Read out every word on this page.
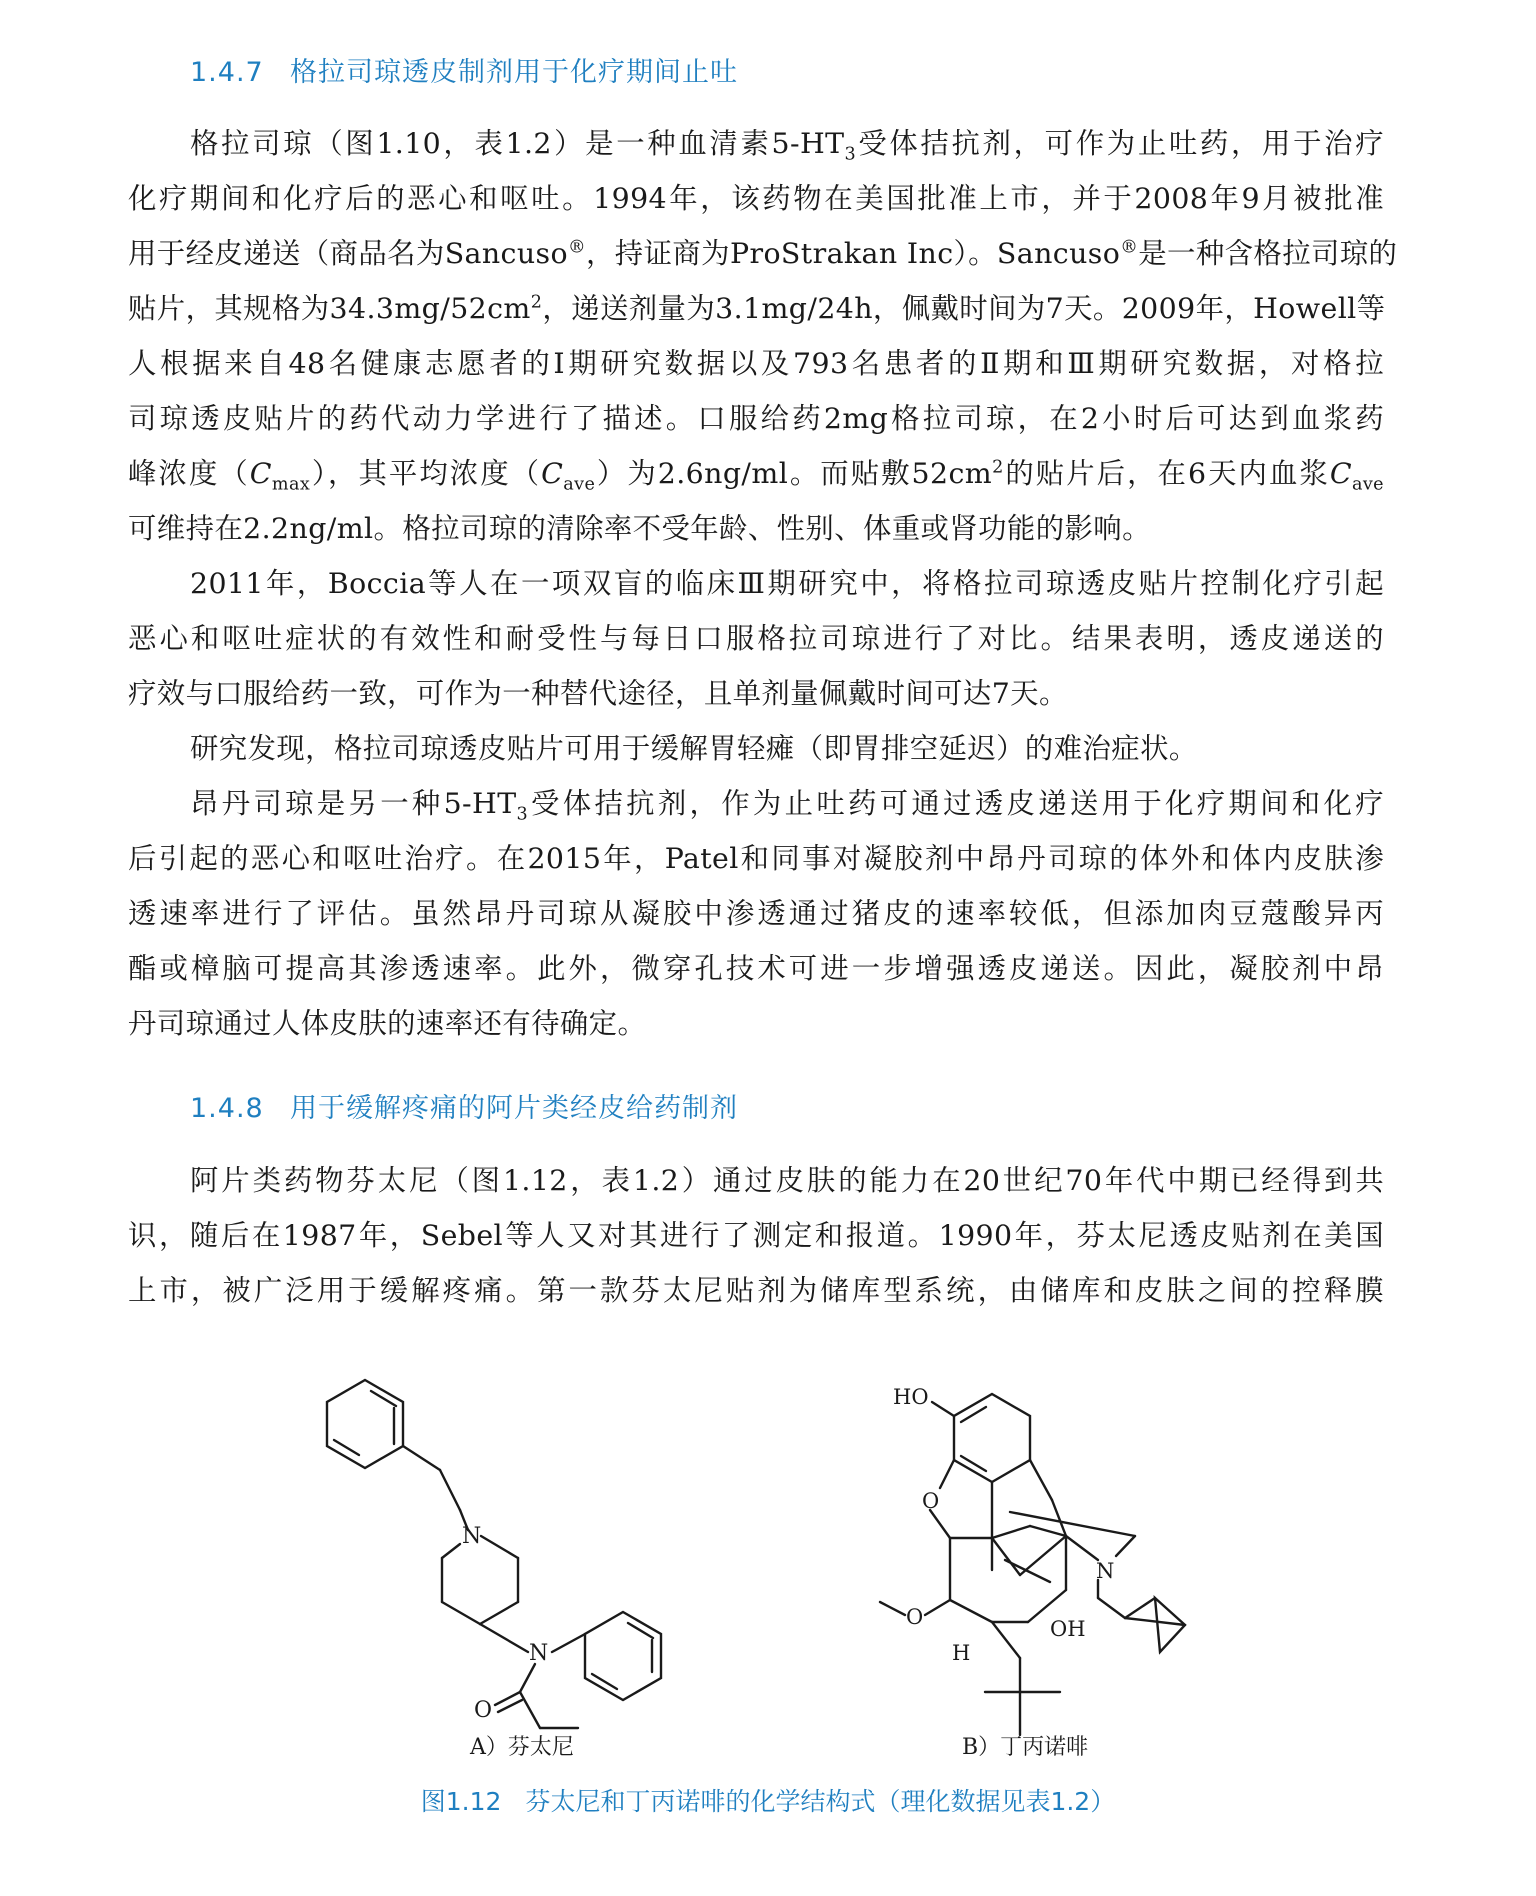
1.4.7 格拉司琼透皮制剂用于化疗期间止吐
格拉司琼（图1.10，表1.2）是一种血清素$5-HT_3$受体拮抗剂，可作为止吐药，用于治疗
化疗期间和化疗后的恶心和呕吐。1994年，该药物在美国批准上市，并于2008年9月被批准
用于经皮递送（商品名为Sancuso®，持证商为ProStrakan Inc）。Sancuso®是一种含格拉司琼的
贴片，其规格为$34.3mg/52cm^2$，递送剂量为3.1mg/24h，佩戴时间为7天。2009年，Howell等
人根据来自48名健康志愿者的Ⅰ期研究数据以及793名患者的Ⅱ期和Ⅲ期研究数据，对格拉
司琼透皮贴片的药代动力学进行了描述。口服给药2mg格拉司琼，在2小时后可达到血浆药
峰浓度$(C_{max})$，其平均浓度$(C_{ave})$为2.6ng/ml。而贴敷$52cm^2$的贴片后，在6天内血浆$C_{ave}$
可维持在2.2ng/ml。格拉司琼的清除率不受年龄、性别、体重或肾功能的影响。
2011年，Boccia等人在一项双盲的临床Ⅲ期研究中，将格拉司琼透皮贴片控制化疗引起
恶心和呕吐症状的有效性和耐受性与每日口服格拉司琼进行了对比。结果表明，透皮递送的
疗效与口服给药一致，可作为一种替代途径，且单剂量佩戴时间可达7天。
研究发现，格拉司琼透皮贴片可用于缓解胃轻瘫（即胃排空延迟）的难治症状。
昂丹司琼是另一种$5-HT_3$受体拮抗剂，作为止吐药可通过透皮递送用于化疗期间和化疗
后引起的恶心和呕吐治疗。在2015年，Patel和同事对凝胶剂中昂丹司琼的体外和体内皮肤渗
透速率进行了评估。虽然昂丹司琼从凝胶中渗透通过猪皮的速率较低，但添加肉豆蔻酸异丙
酯或樟脑可提高其渗透速率。此外，微穿孔技术可进一步增强透皮递送。因此，凝胶剂中昂
丹司琼通过人体皮肤的速率还有待确定。
1.4.8 用于缓解疼痛的阿片类经皮给药制剂
阿片类药物芬太尼（图1.12，表1.2）通过皮肤的能力在20世纪70年代中期已经得到共
识，随后在1987年，Sebel等人又对其进行了测定和报道。1990年，芬太尼透皮贴剂在美国
上市，被广泛用于缓解疼痛。第一款芬太尼贴剂为储库型系统，由储库和皮肤之间的控释膜
N
N
O
HO
O
N
O	OH
H
A）芬太尼	B）丁丙诺啡
图1.12 芬太尼和丁丙诺啡的化学结构式（理化数据见表1.2）
